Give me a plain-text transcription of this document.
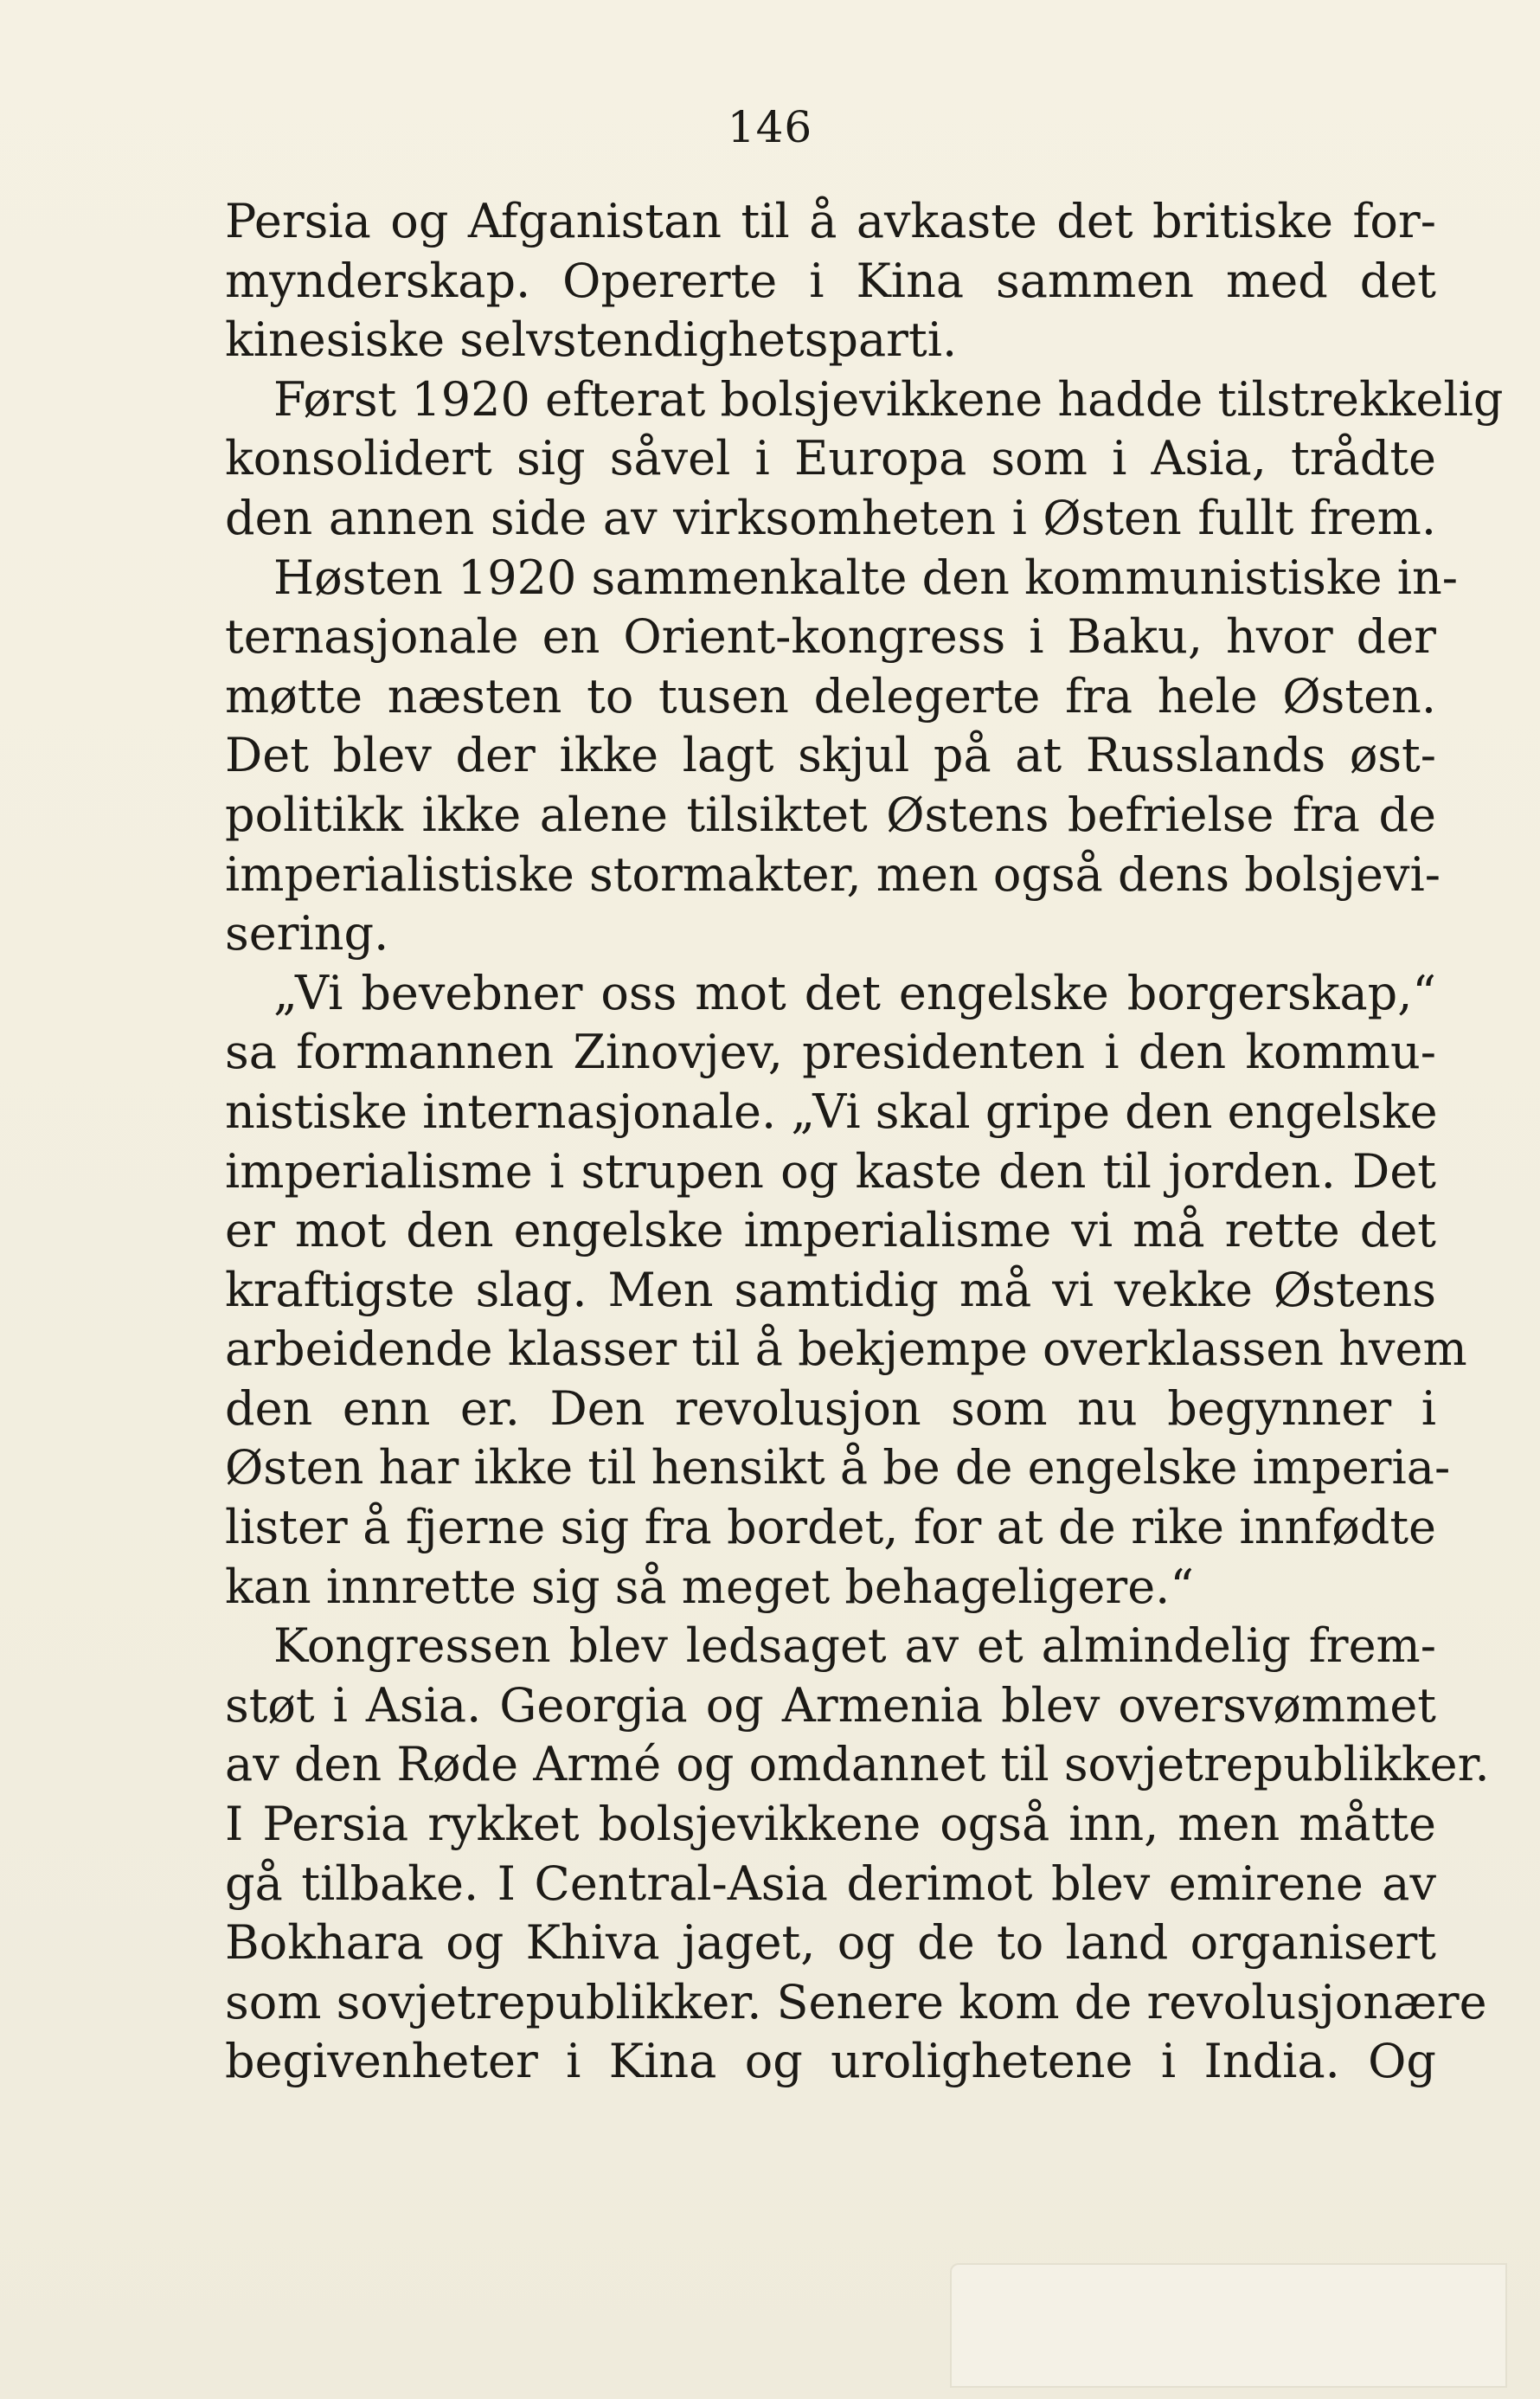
146
Persia og Afganistan til å avkaste det britiske for-
mynderskap. Opererte i Kina sammen med det
kinesiske selvstendighetsparti.
Først 1920 efterat bolsjevikkene hadde tilstrekkelig
konsolidert sig såvel i Europa som i Asia, trådte
den annen side av virksomheten i Østen fullt frem.
Høsten 1920 sammenkalte den kommunistiske in-
ternasjonale en Orient-kongress i Baku, hvor der
møtte næsten to tusen delegerte fra hele Østen.
Det blev der ikke lagt skjul på at Russlands øst-
politikk ikke alene tilsiktet Østens befrielse fra de
imperialistiske stormakter, men også dens bolsjevi-
sering.
„Vi bevebner oss mot det engelske borgerskap,“
sa formannen Zinovjev, presidenten i den kommu-
nistiske internasjonale. „Vi skal gripe den engelske
imperialisme i strupen og kaste den til jorden. Det
er mot den engelske imperialisme vi må rette det
kraftigste slag. Men samtidig må vi vekke Østens
arbeidende klasser til å bekjempe overklassen hvem
den enn er. Den revolusjon som nu begynner i
Østen har ikke til hensikt å be de engelske imperia-
lister å fjerne sig fra bordet, for at de rike innfødte
kan innrette sig så meget behageligere.“
Kongressen blev ledsaget av et almindelig frem-
støt i Asia. Georgia og Armenia blev oversvømmet
av den Røde Armé og omdannet til sovjetrepublikker.
I Persia rykket bolsjevikkene også inn, men måtte
gå tilbake. I Central-Asia derimot blev emirene av
Bokhara og Khiva jaget, og de to land organisert
som sovjetrepublikker. Senere kom de revolusjonære
begivenheter i Kina og urolighetene i India. Og
